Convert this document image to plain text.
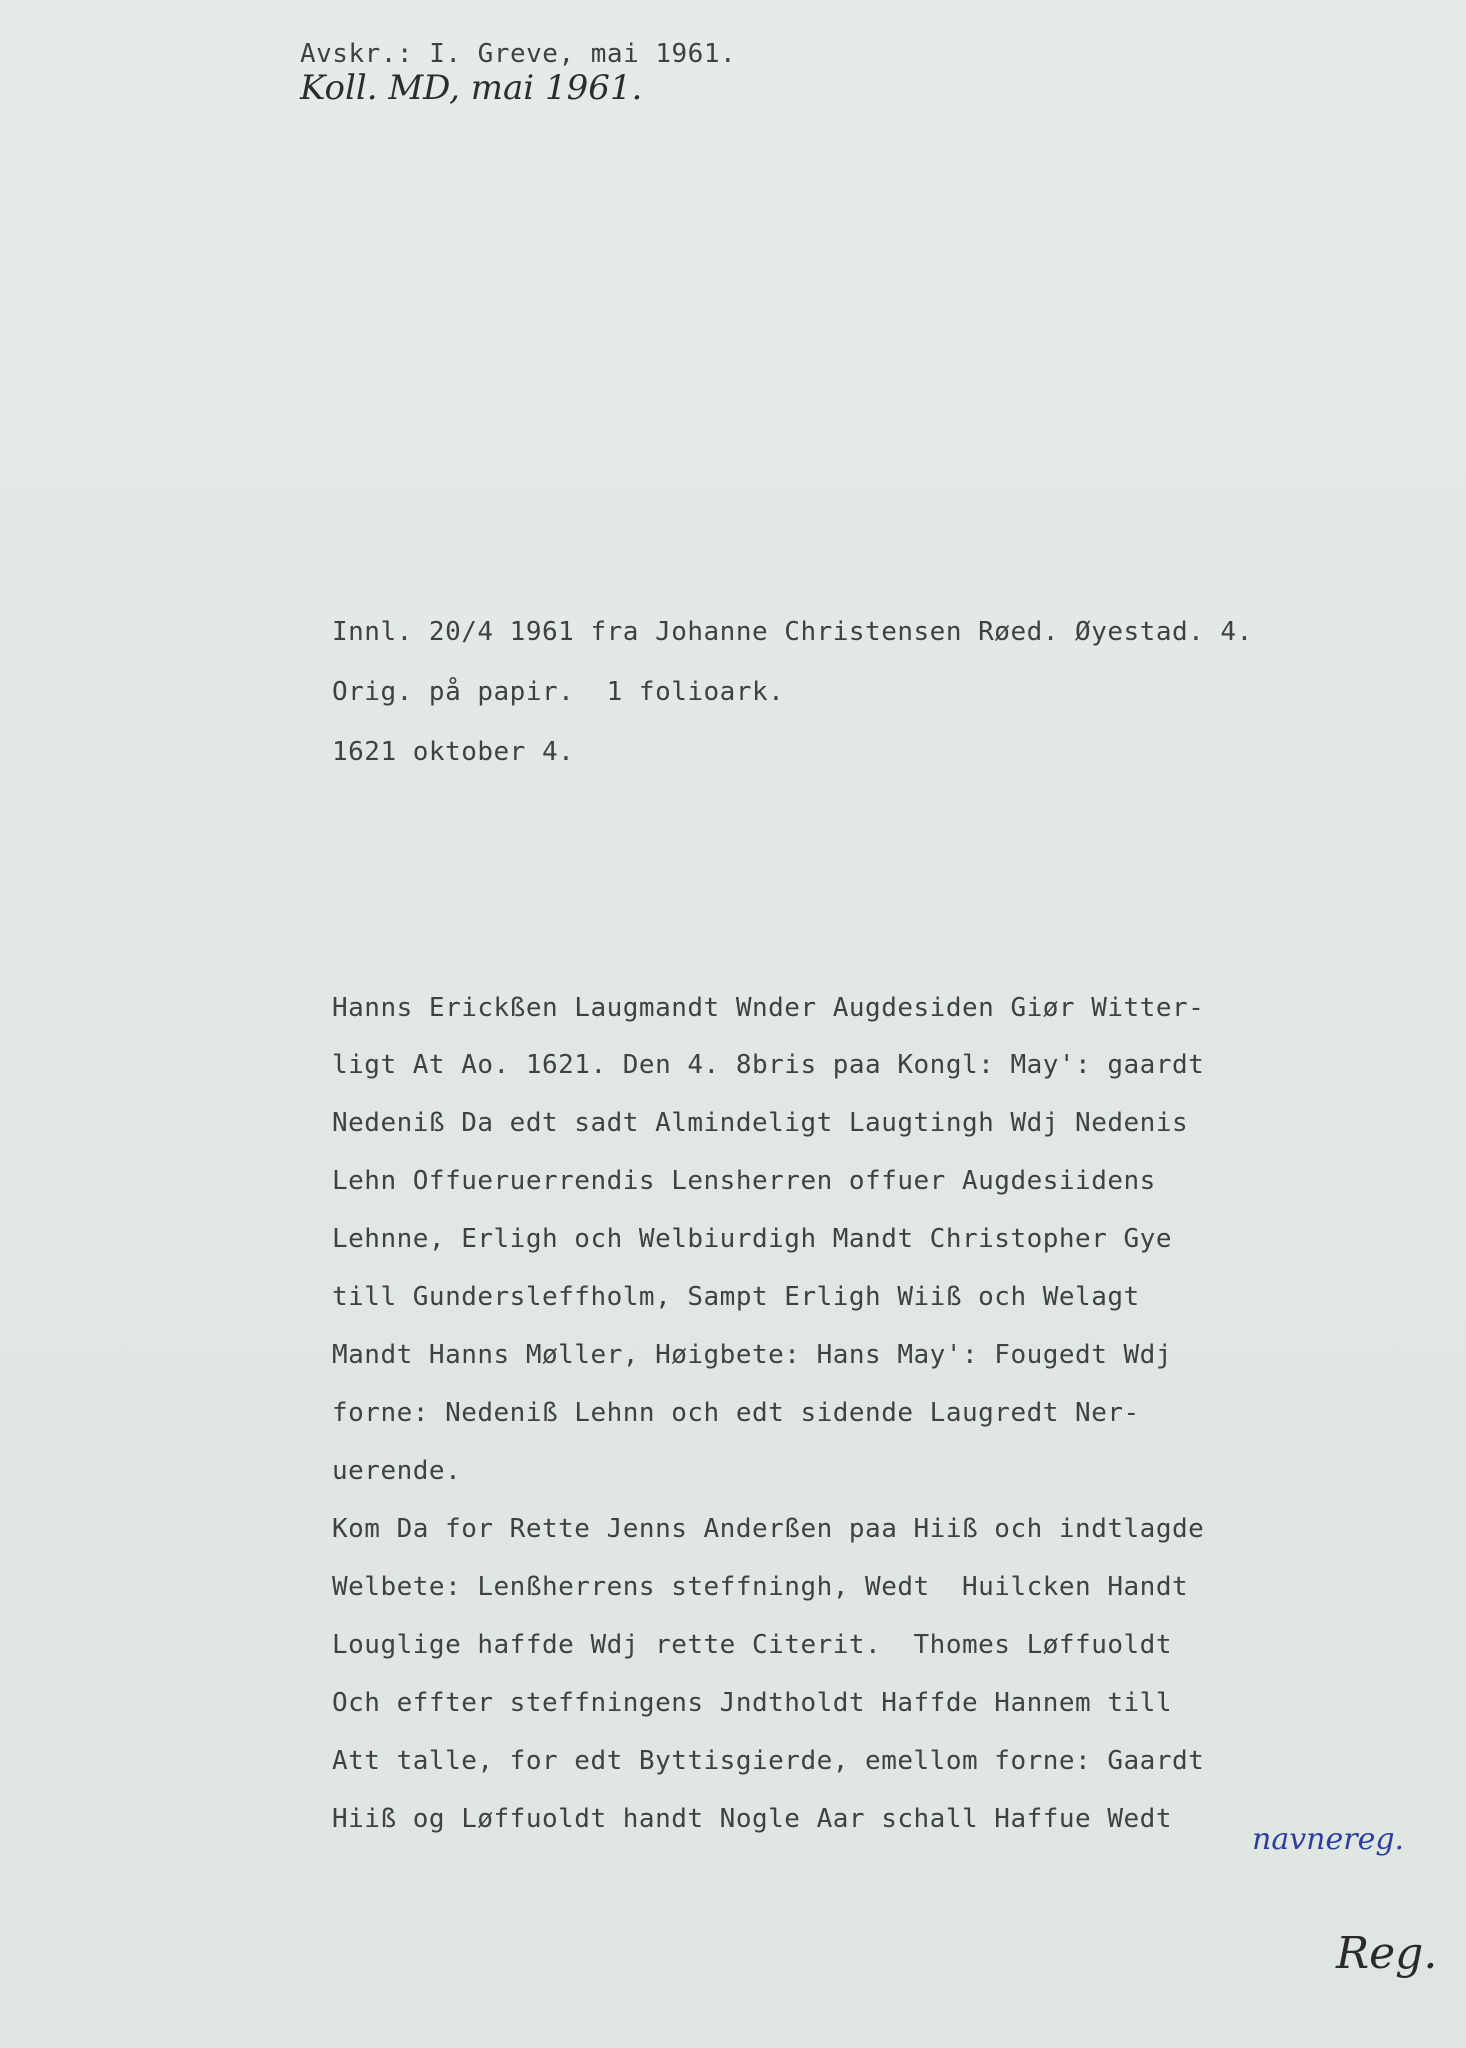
Avskr.: I. Greve, mai 1961.
Koll. MD, mai 1961.
Innl. 20/4 1961 fra Johanne Christensen Røed. Øyestad. 4.
Orig. på papir.  1 folioark.
1621 oktober 4.
Hanns Erickßen Laugmandt Wnder Augdesiden Giør Witter-
ligt At Ao. 1621. Den 4. 8bris paa Kongl: May': gaardt
Nedeniß Da edt sadt Almindeligt Laugtingh Wdj Nedenis
Lehn Offueruerrendis Lensherren offuer Augdesiidens
Lehnne, Erligh och Welbiurdigh Mandt Christopher Gye
till Gundersleffholm, Sampt Erligh Wiiß och Welagt
Mandt Hanns Møller, Høigbete: Hans May': Fougedt Wdj
forne: Nedeniß Lehnn och edt sidende Laugredt Ner-
uerende.
Kom Da for Rette Jenns Anderßen paa Hiiß och indtlagde
Welbete: Lenßherrens steffningh, Wedt  Huilcken Handt
Louglige haffde Wdj rette Citerit.  Thomes Løffuoldt
Och effter steffningens Jndtholdt Haffde Hannem till
Att talle, for edt Byttisgierde, emellom forne: Gaardt
Hiiß og Løffuoldt handt Nogle Aar schall Haffue Wedt
navnereg.
Reg.
